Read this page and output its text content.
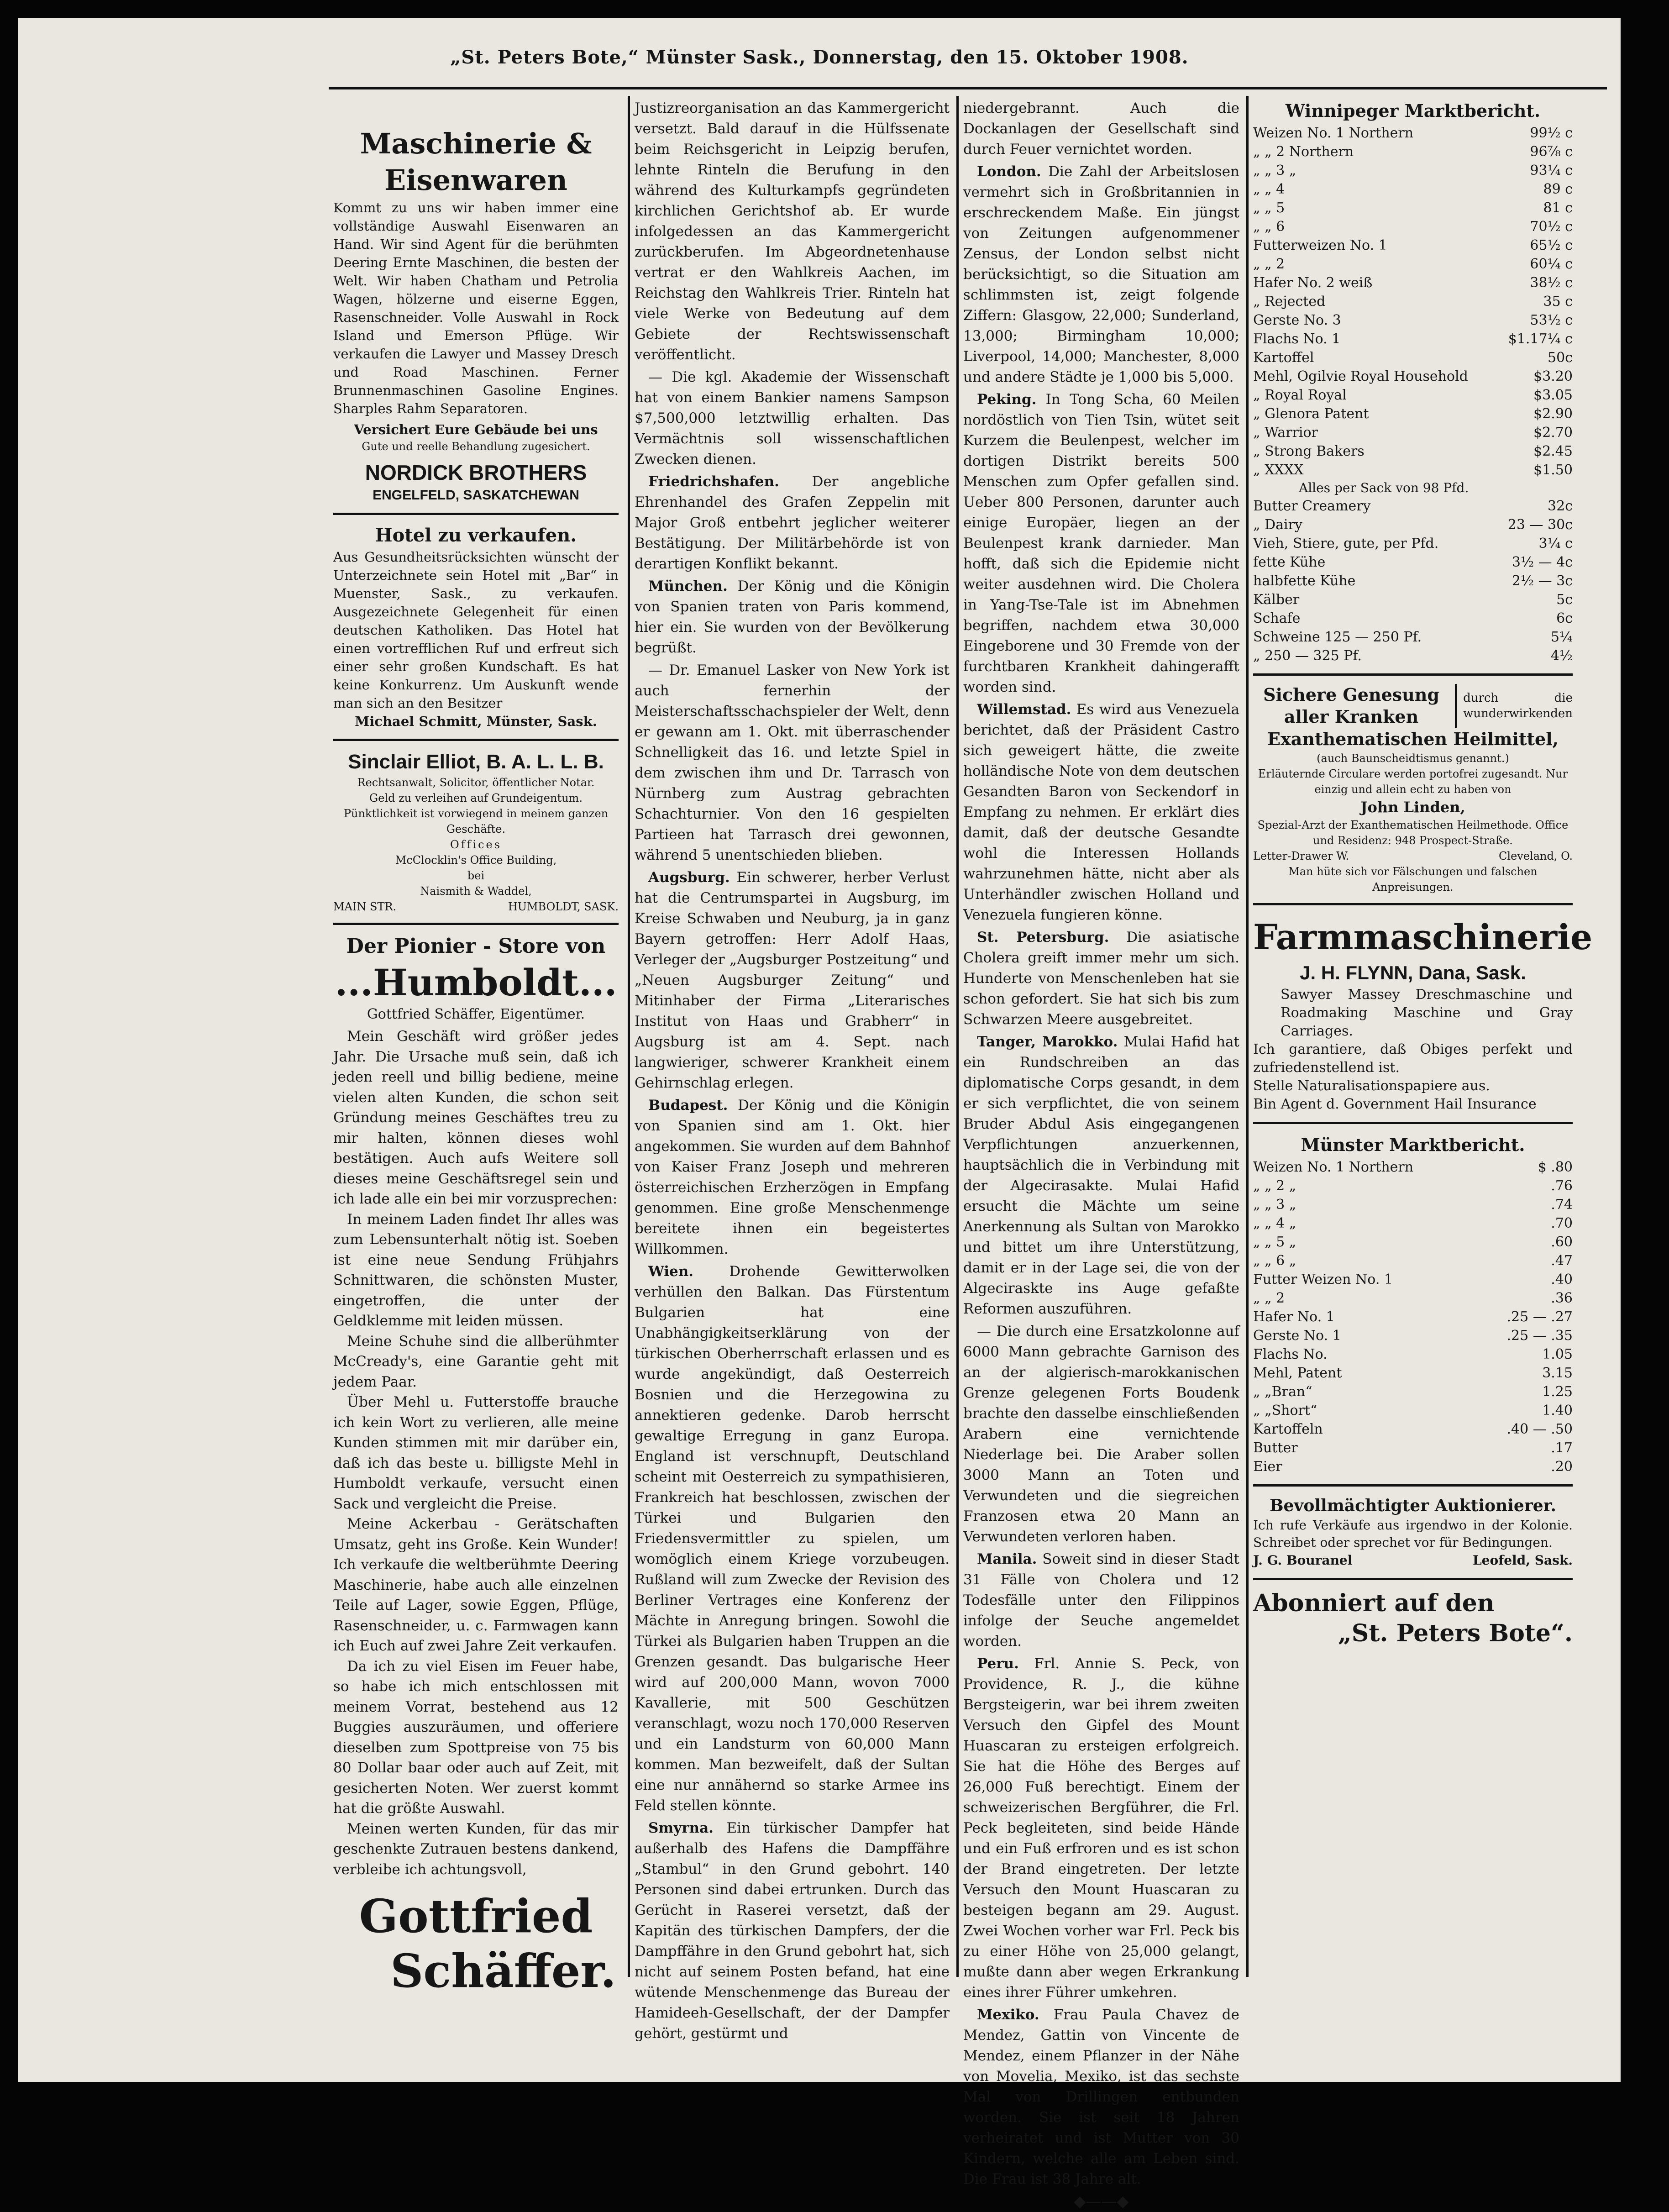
„St. Peters Bote,“ Münster Sask., Donnerstag, den 15. Oktober 1908.
Maschinerie & Eisenwaren
Kommt zu uns wir haben immer eine vollständige Auswahl Eisenwaren an Hand. Wir sind Agent für die berühmten Deering Ernte Maschinen, die besten der Welt. Wir haben Chatham und Petrolia Wagen, hölzerne und eiserne Eggen, Rasenschneider. Volle Auswahl in Rock Island und Emerson Pflüge. Wir verkaufen die Lawyer und Massey Dresch und Road Maschinen. Ferner Brunnenmaschinen Gasoline Engines. Sharples Rahm Separatoren.
Versichert Eure Gebäude bei uns
Gute und reelle Behandlung zugesichert.
NORDICK BROTHERS
ENGELFELD, SASKATCHEWAN
Hotel zu verkaufen.
Aus Gesundheitsrücksichten wünscht der Unterzeichnete sein Hotel mit „Bar“ in Muenster, Sask., zu verkaufen. Ausgezeichnete Gelegenheit für einen deutschen Katholiken. Das Hotel hat einen vortrefflichen Ruf und erfreut sich einer sehr großen Kundschaft. Es hat keine Konkurrenz. Um Auskunft wende man sich an den Besitzer
Michael Schmitt, Münster, Sask.
Sinclair Elliot, B. A. L. L. B.
Rechtsanwalt, Solicitor, öffentlicher Notar.
Geld zu verleihen auf Grundeigentum. Pünktlichkeit ist vorwiegend in meinem ganzen Geschäfte.
Offices
McClocklin's Office Building,
bei
Naismith & Waddel,
MAIN STR.	HUMBOLDT, SASK.
Der Pionier - Store von
...Humboldt...
Gottfried Schäffer, Eigentümer.

Mein Geschäft wird größer jedes Jahr. Die Ursache muß sein, daß ich jeden reell und billig bediene, meine vielen alten Kunden, die schon seit Gründung meines Geschäftes treu zu mir halten, können dieses wohl bestätigen. Auch aufs Weitere soll dieses meine Geschäftsregel sein und ich lade alle ein bei mir vorzusprechen:

In meinem Laden findet Ihr alles was zum Lebensunterhalt nötig ist. Soeben ist eine neue Sendung Frühjahrs Schnittwaren, die schönsten Muster, eingetroffen, die unter der Geldklemme mit leiden müssen.

Meine Schuhe sind die allberühmter McCready's, eine Garantie geht mit jedem Paar.

Über Mehl u. Futterstoffe brauche ich kein Wort zu verlieren, alle meine Kunden stimmen mit mir darüber ein, daß ich das beste u. billigste Mehl in Humboldt verkaufe, versucht einen Sack und vergleicht die Preise.

Meine Ackerbau - Gerätschaften Umsatz, geht ins Große. Kein Wunder! Ich verkaufe die weltberühmte Deering Maschinerie, habe auch alle einzelnen Teile auf Lager, sowie Eggen, Pflüge, Rasenschneider, u. c. Farmwagen kann ich Euch auf zwei Jahre Zeit verkaufen.

Da ich zu viel Eisen im Feuer habe, so habe ich mich entschlossen mit meinem Vorrat, bestehend aus 12 Buggies auszuräumen, und offeriere dieselben zum Spottpreise von 75 bis 80 Dollar baar oder auch auf Zeit, mit gesicherten Noten. Wer zuerst kommt hat die größte Auswahl.

Meinen werten Kunden, für das mir geschenkte Zutrauen bestens dankend, verbleibe ich achtungsvoll,

Gottfried
Schäffer.

Justizreorganisation an das Kammergericht versetzt. Bald darauf in die Hülfssenate beim Reichsgericht in Leipzig berufen, lehnte Rinteln die Berufung in den während des Kulturkampfs gegründeten kirchlichen Gerichtshof ab. Er wurde infolgedessen an das Kammergericht zurückberufen. Im Abgeordnetenhause vertrat er den Wahlkreis Aachen, im Reichstag den Wahlkreis Trier. Rinteln hat viele Werke von Bedeutung auf dem Gebiete der Rechtswissenschaft veröffentlicht.

— Die kgl. Akademie der Wissenschaft hat von einem Bankier namens Sampson $7,500,000 letztwillig erhalten. Das Vermächtnis soll wissenschaftlichen Zwecken dienen.

Friedrichshafen. Der angebliche Ehrenhandel des Grafen Zeppelin mit Major Groß entbehrt jeglicher weiterer Bestätigung. Der Militärbehörde ist von derartigen Konflikt bekannt.

München. Der König und die Königin von Spanien traten von Paris kommend, hier ein. Sie wurden von der Bevölkerung begrüßt.

— Dr. Emanuel Lasker von New York ist auch fernerhin der Meisterschaftsschachspieler der Welt, denn er gewann am 1. Okt. mit überraschender Schnelligkeit das 16. und letzte Spiel in dem zwischen ihm und Dr. Tarrasch von Nürnberg zum Austrag gebrachten Schachturnier. Von den 16 gespielten Partieen hat Tarrasch drei gewonnen, während 5 unentschieden blieben.

Augsburg. Ein schwerer, herber Verlust hat die Centrumspartei in Augsburg, im Kreise Schwaben und Neuburg, ja in ganz Bayern getroffen: Herr Adolf Haas, Verleger der „Augsburger Postzeitung“ und „Neuen Augsburger Zeitung“ und Mitinhaber der Firma „Literarisches Institut von Haas und Grabherr“ in Augsburg ist am 4. Sept. nach langwieriger, schwerer Krankheit einem Gehirnschlag erlegen.

Budapest. Der König und die Königin von Spanien sind am 1. Okt. hier angekommen. Sie wurden auf dem Bahnhof von Kaiser Franz Joseph und mehreren österreichischen Erzherzögen in Empfang genommen. Eine große Menschenmenge bereitete ihnen ein begeistertes Willkommen.

Wien.	Drohende Gewitterwolken verhüllen den Balkan. Das Fürstentum Bulgarien hat eine Unabhängigkeitserklärung von der türkischen Oberherrschaft erlassen und es wurde angekündigt, daß Oesterreich Bosnien und die Herzegowina zu annektieren gedenke. Darob herrscht gewaltige Erregung in ganz Europa. England ist verschnupft, Deutschland scheint mit Oesterreich zu sympathisieren, Frankreich hat beschlossen, zwischen der Türkei und Bulgarien den Friedensvermittler zu spielen, um womöglich einem Kriege vorzubeugen. Rußland will zum Zwecke der Revision des Berliner Vertrages eine Konferenz der Mächte in Anregung bringen. Sowohl die Türkei als Bulgarien haben Truppen an die Grenzen gesandt. Das bulgarische Heer wird auf 200,000 Mann, wovon 7000 Kavallerie, mit 500 Geschützen veranschlagt, wozu noch 170,000 Reserven und ein Landsturm von 60,000 Mann kommen. Man bezweifelt, daß der Sultan eine nur annähernd so starke Armee ins Feld stellen könnte.

Smyrna. Ein türkischer Dampfer hat außerhalb des Hafens die Dampffähre „Stambul“ in den Grund gebohrt. 140 Personen sind dabei ertrunken. Durch das Gerücht in Raserei versetzt, daß der Kapitän des türkischen Dampfers, der die Dampffähre in den Grund gebohrt hat, sich nicht auf seinem Posten befand, hat eine wütende Menschenmenge das Bureau der Hamideeh-Gesellschaft, der der Dampfer gehört, gestürmt und

niedergebrannt. Auch die Dockanlagen der Gesellschaft sind durch Feuer vernichtet worden.

London. Die Zahl der Arbeitslosen vermehrt sich in Großbritannien in erschreckendem Maße. Ein jüngst von Zeitungen aufgenommener Zensus, der London selbst nicht berücksichtigt, so die Situation am schlimmsten ist, zeigt folgende Ziffern: Glasgow, 22,000; Sunderland, 13,000; Birmingham 10,000; Liverpool, 14,000; Manchester, 8,000 und andere Städte je 1,000 bis 5,000.

Peking. In Tong Scha, 60 Meilen nordöstlich von Tien Tsin, wütet seit Kurzem die Beulenpest, welcher im dortigen Distrikt bereits 500 Menschen zum Opfer gefallen sind. Ueber 800 Personen, darunter auch einige Europäer, liegen an der Beulenpest krank darnieder. Man hofft, daß sich die Epidemie nicht weiter ausdehnen wird. Die Cholera in Yang-Tse-Tale ist im Abnehmen begriffen, nachdem etwa 30,000 Eingeborene und 30 Fremde von der furchtbaren Krankheit dahingerafft worden sind.

Willemstad. Es wird aus Venezuela berichtet, daß der Präsident Castro sich geweigert hätte, die zweite holländische Note von dem deutschen Gesandten Baron von Seckendorf in Empfang zu nehmen. Er erklärt dies damit, daß der deutsche Gesandte wohl die Interessen Hollands wahrzunehmen hätte, nicht aber als Unterhändler zwischen Holland und Venezuela fungieren könne.

St. Petersburg. Die asiatische Cholera greift immer mehr um sich. Hunderte von Menschenleben hat sie schon gefordert. Sie hat sich bis zum Schwarzen Meere ausgebreitet.

Tanger, Marokko. Mulai Hafid hat ein Rundschreiben an das diplomatische Corps gesandt, in dem er sich verpflichtet, die von seinem Bruder Abdul Asis eingegangenen Verpflichtungen anzuerkennen, hauptsächlich die in Verbindung mit der Algecirasakte. Mulai Hafid ersucht die Mächte um seine Anerkennung als Sultan von Marokko und bittet um ihre Unterstützung, damit er in der Lage sei, die von der Algeciraskte ins Auge gefaßte Reformen auszuführen.

— Die durch eine Ersatzkolonne auf 6000 Mann gebrachte Garnison des an der algierisch-marokkanischen Grenze gelegenen Forts Boudenk brachte den dasselbe einschließenden Arabern eine vernichtende Niederlage bei. Die Araber sollen 3000 Mann an Toten und Verwundeten und die siegreichen Franzosen etwa 20 Mann an Verwundeten verloren haben.

Manila. Soweit sind in dieser Stadt 31 Fälle von Cholera und 12 Todesfälle unter den Filippinos infolge der Seuche angemeldet worden.

Peru. Frl. Annie S. Peck, von Providence, R. J., die kühne Bergsteigerin, war bei ihrem zweiten Versuch den Gipfel des Mount Huascaran zu ersteigen erfolgreich. Sie hat die Höhe des Berges auf 26,000 Fuß berechtigt. Einem der schweizerischen Bergführer, die Frl. Peck begleiteten, sind beide Hände und ein Fuß erfroren und es ist schon der Brand eingetreten. Der letzte Versuch den Mount Huascaran zu besteigen begann am 29. August. Zwei Wochen vorher war Frl. Peck bis zu einer Höhe von 25,000 gelangt, mußte dann aber wegen Erkrankung eines ihrer Führer umkehren.

Mexiko. Frau Paula Chavez de Mendez, Gattin von Vincente de Mendez, einem Pflanzer in der Nähe von Movelia, Mexiko, ist das sechste Mal von Drillingen entbunden worden. Sie ist seit 18 Jahren verheiratet und ist Mutter von 30 Kindern, welche alle am Leben sind. Die Frau ist 38 Jahre alt.

◆——◆
Winnipeger Marktbericht.
Weizen No. 1 Northern	99½ c
„ „ 2 Northern	96⅞ c
„ „ 3 „	93¼ c
„ „ 4	89 c
„ „ 5	81 c
„ „ 6	70½ c
Futterweizen No. 1	65½ c
„ „ 2	60¼ c
Hafer No. 2 weiß	38½ c
„ Rejected	35 c
Gerste No. 3	53½ c
Flachs No. 1	$1.17¼ c
Kartoffel	50c
Mehl, Ogilvie Royal Household	$3.20
„ Royal Royal	$3.05
„ Glenora Patent	$2.90
„ Warrior	$2.70
„ Strong Bakers	$2.45
„ XXXX	$1.50
Alles per Sack von 98 Pfd.
Butter Creamery	32c
„ Dairy	23 — 30c
Vieh, Stiere, gute, per Pfd.	3¼ c
fette Kühe	3½ — 4c
halbfette Kühe	2½ — 3c
Kälber	5c
Schafe	6c
Schweine 125 — 250 Pf.	5¼
„ 250 — 325 Pf.	4½
Sichere Genesung aller Kranken
durch die wunderwirkenden
Exanthematischen Heilmittel,
(auch Baunscheidtismus genannt.)
Erläuternde Circulare werden portofrei zugesandt. Nur einzig und allein echt zu haben von
John Linden,
Spezial-Arzt der Exanthematischen Heilmethode. Office und Residenz: 948 Prospect-Straße.
Letter-Drawer W.	Cleveland, O.
Man hüte sich vor Fälschungen und falschen Anpreisungen.
Farmmaschinerie
J. H. FLYNN, Dana, Sask.
Sawyer Massey Dreschmaschine und Roadmaking Maschine und Gray Carriages.
Ich garantiere, daß Obiges perfekt und zufriedenstellend ist.
Stelle Naturalisationspapiere aus.
Bin Agent d. Government Hail Insurance
Münster Marktbericht.
Weizen No. 1 Northern	$ .80
„ „ 2 „	.76
„ „ 3 „	.74
„ „ 4 „	.70
„ „ 5 „	.60
„ „ 6 „	.47
Futter Weizen No. 1	.40
„ „ 2	.36
Hafer No. 1	.25 — .27
Gerste No. 1	.25 — .35
Flachs No.	1.05
Mehl, Patent	3.15
„ „Bran“	1.25
„ „Short“	1.40
Kartoffeln	.40 — .50
Butter	.17
Eier	.20
Bevollmächtigter Auktionierer.
Ich rufe Verkäufe aus irgendwo in der Kolonie. Schreibet oder sprechet vor für Bedingungen.
J. G. Bouranel	Leofeld, Sask.
Abonniert auf den
„St. Peters Bote“.
